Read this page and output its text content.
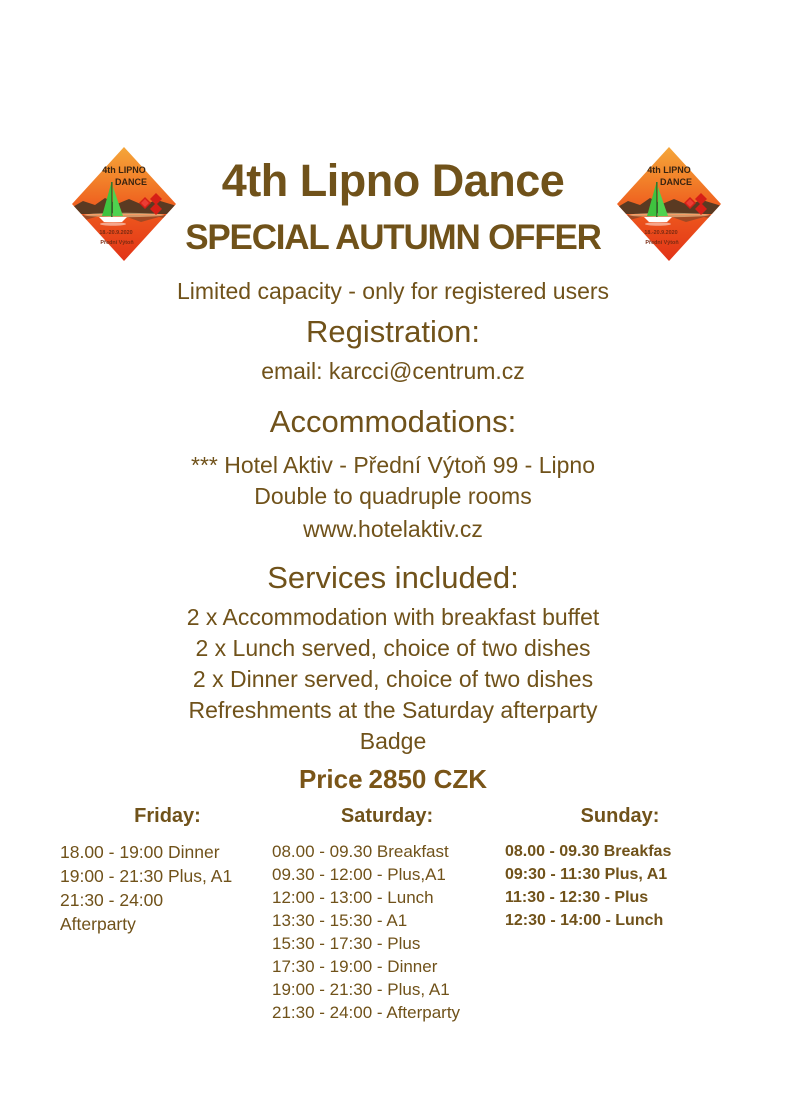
4th LIPNO
DANCE
18.-20.9.2020
Přední Výtoň
4th LIPNO
DANCE
18.-20.9.2020
Přední Výtoň
4th Lipno Dance
SPECIAL AUTUMN OFFER
Limited capacity - only for registered users
Registration:
email: karcci@centrum.cz
Accommodations:
*** Hotel Aktiv - Přední Výtoň 99 - Lipno
Double to quadruple rooms
www.hotelaktiv.cz
Services included:
2 x Accommodation with breakfast buffet
2 x Lunch served, choice of two dishes
2 x Dinner served, choice of two dishes
Refreshments at the Saturday afterparty
Badge
Price 2850 CZK
Friday:
18.00 - 19:00 Dinner
19:00 - 21:30 Plus, A1
21:30 - 24:00
Afterparty
Saturday:
08.00 - 09.30 Breakfast
09.30 - 12:00 - Plus,A1
12:00 - 13:00 - Lunch
13:30 - 15:30 - A1
15:30 - 17:30 - Plus
17:30 - 19:00 - Dinner
19:00 - 21:30 - Plus, A1
21:30 - 24:00 - Afterparty
Sunday:
08.00 - 09.30 Breakfas
09:30 - 11:30 Plus, A1
11:30 - 12:30 - Plus
12:30 - 14:00 - Lunch
